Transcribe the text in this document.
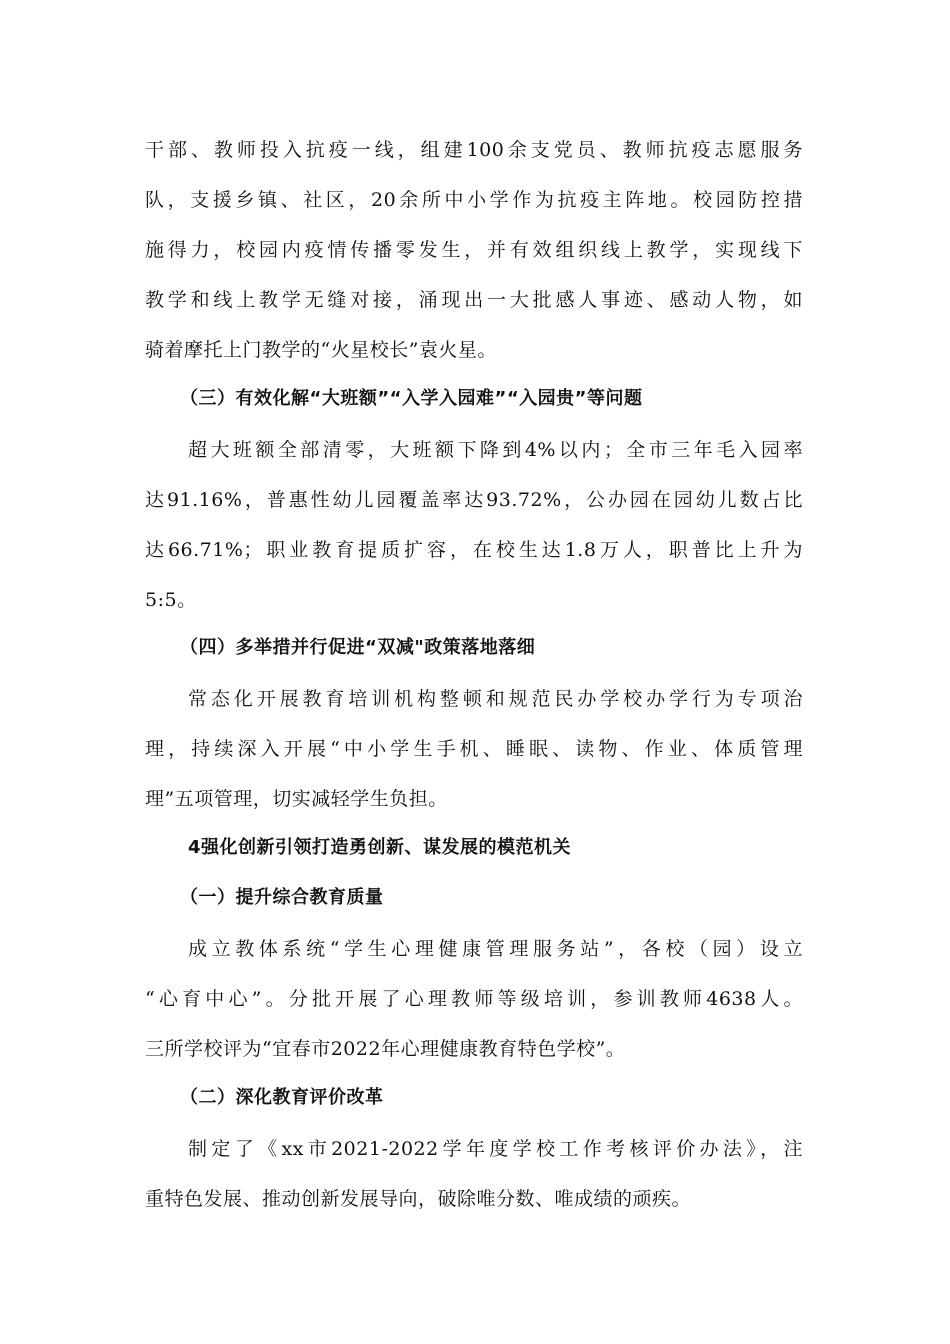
干部、教师投入抗疫一线，组建100余支党员、教师抗疫志愿服务
队，支援乡镇、社区，20余所中小学作为抗疫主阵地。校园防控措
施得力，校园内疫情传播零发生，并有效组织线上教学，实现线下
教学和线上教学无缝对接，涌现出一大批感人事迹、感动人物，如
骑着摩托上门教学的“火星校长”袁火星。
（三）有效化解“大班额”“入学入园难”“入园贵”等问题
超大班额全部清零，大班额下降到4%以内；全市三年毛入园率
达91.16%，普惠性幼儿园覆盖率达93.72%，公办园在园幼儿数占比
达66.71%；职业教育提质扩容，在校生达1.8万人，职普比上升为
5:5。
（四）多举措并行促进“双减"政策落地落细
常态化开展教育培训机构整顿和规范民办学校办学行为专项治
理，持续深入开展“中小学生手机、睡眠、读物、作业、体质管理
理”五项管理，切实减轻学生负担。
4强化创新引领打造勇创新、谋发展的模范机关
（一）提升综合教育质量
成立教体系统“学生心理健康管理服务站”，各校（园）设立
“心育中心”。分批开展了心理教师等级培训，参训教师4638人。
三所学校评为“宜春市2022年心理健康教育特色学校”。
（二）深化教育评价改革
制定了《xx市2021-2022学年度学校工作考核评价办法》，注
重特色发展、推动创新发展导向，破除唯分数、唯成绩的顽疾。
